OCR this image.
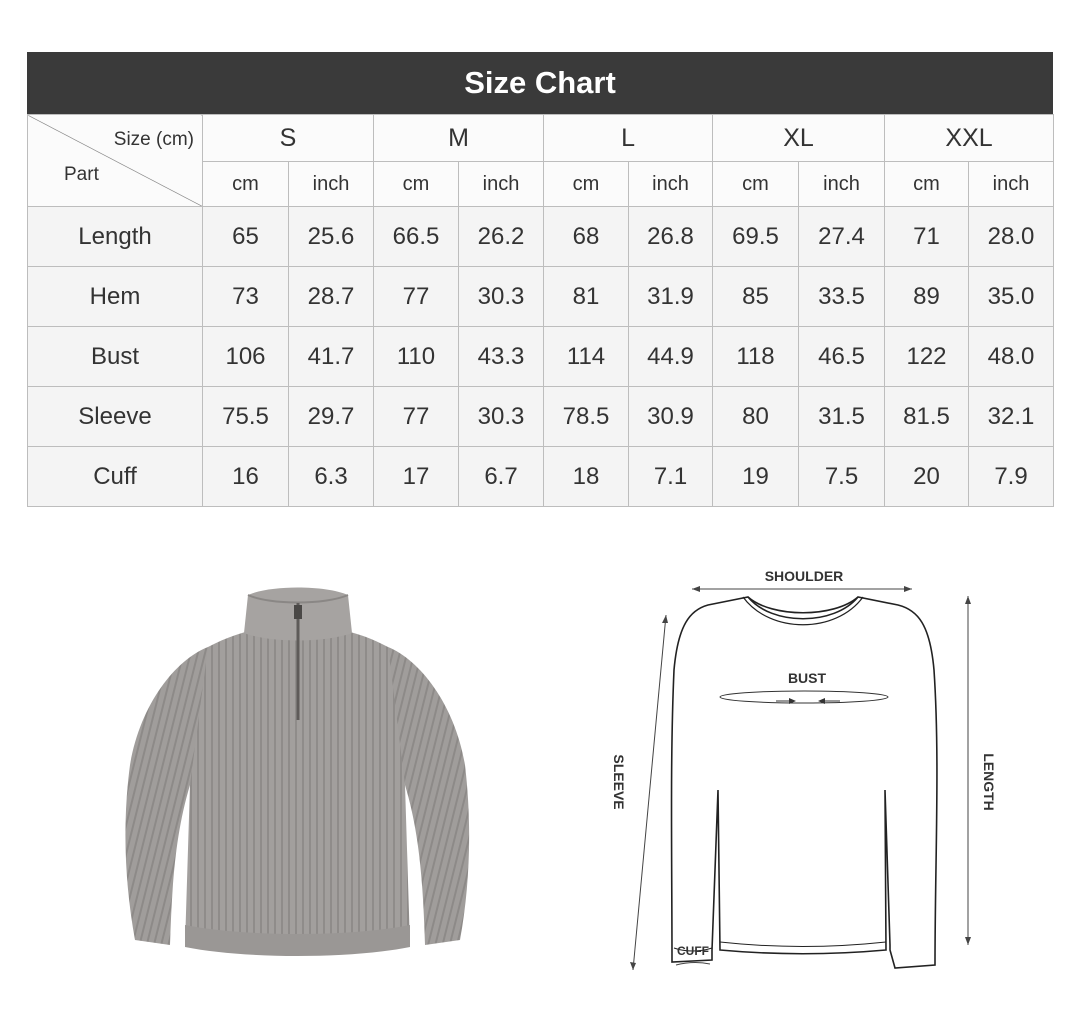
Size Chart
Size (cm)
Part	S		M		L		XL		XXL	
	cm	inch	cm	inch	cm	inch	cm	inch	cm	inch
Length	65	25.6	66.5	26.2	68	26.8	69.5	27.4	71	28.0
Hem	73	28.7	77	30.3	81	31.9	85	33.5	89	35.0
Bust	106	41.7	110	43.3	114	44.9	118	46.5	122	48.0
Sleeve	75.5	29.7	77	30.3	78.5	30.9	80	31.5	81.5	32.1
Cuff	16	6.3	17	6.7	18	7.1	19	7.5	20	7.9
SHOULDER
BUST
SLEEVE	LENGTH
CUFF
